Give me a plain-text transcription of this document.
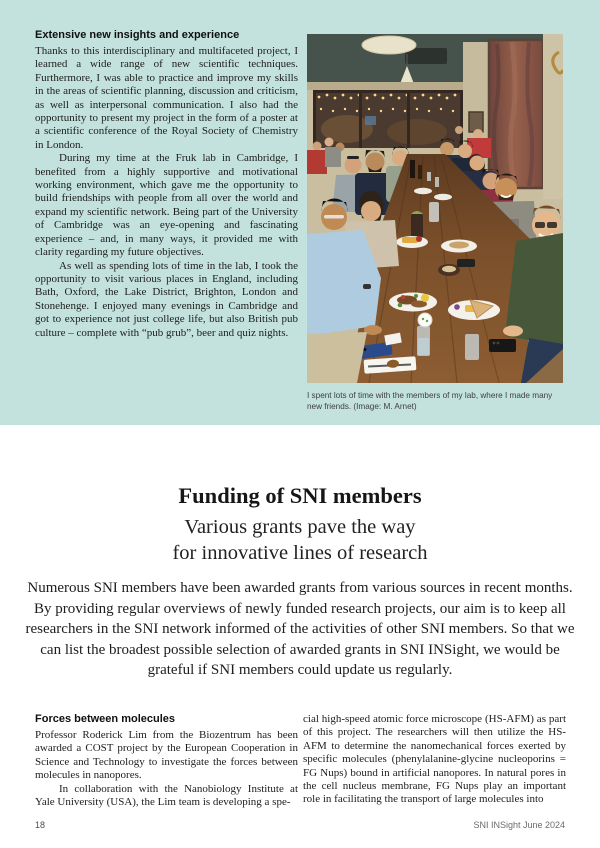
Extensive new insights and experience

Thanks to this interdisciplinary and multifaceted project, I learned a wide range of new scientific techniques. Furthermore, I was able to practice and improve my skills in the areas of scientific planning, discussion and criticism, as well as interpersonal communication. I also had the opportunity to present my project in the form of a poster at a scientific conference of the Royal Society of Chemistry in London.

During my time at the Fruk lab in Cambridge, I benefited from a highly supportive and motivational working environment, which gave me the opportunity to build friendships with people from all over the world and expand my scientific network. Being part of the University of Cambridge was an eye-opening and fascinating experience – and, in many ways, it provided me with clarity regarding my future objectives.

As well as spending lots of time in the lab, I took the opportunity to visit various places in England, including Bath, Oxford, the Lake District, Brighton, London and Stonehenge. I enjoyed many evenings in Cambridge and got to experience not just college life, but also British pub culture – complete with “pub grub”, beer and quiz nights.

I spent lots of time with the members of my lab, where I made many new friends. (Image: M. Arnet)
Funding of SNI members
Various grants pave the way
for innovative lines of research
Numerous SNI members have been awarded grants from various sources in recent months. By providing regular overviews of newly funded research projects, our aim is to keep all researchers in the SNI network informed of the activities of other SNI members. So that we can list the broadest possible selection of awarded grants in SNI INSight, we would be grateful if SNI members could update us regularly.
Forces between molecules

Professor Roderick Lim from the Biozentrum has been awarded a COST project by the European Cooperation in Science and Technology to investigate the forces between molecules in nanopores.

In collaboration with the Nanobiology Institute at Yale University (USA), the Lim team is developing a spe-

cial high-speed atomic force microscope (HS-AFM) as part of this project. The researchers will then utilize the HS-AFM to determine the nanomechanical forces exerted by specific molecules (phenylalanine-glycine nucleoporins = FG Nups) bound in artificial nanopores. In natural pores in the cell nucleus membrane, FG Nups play an important role in facilitating the transport of large molecules into

18	SNI INSight June 2024
